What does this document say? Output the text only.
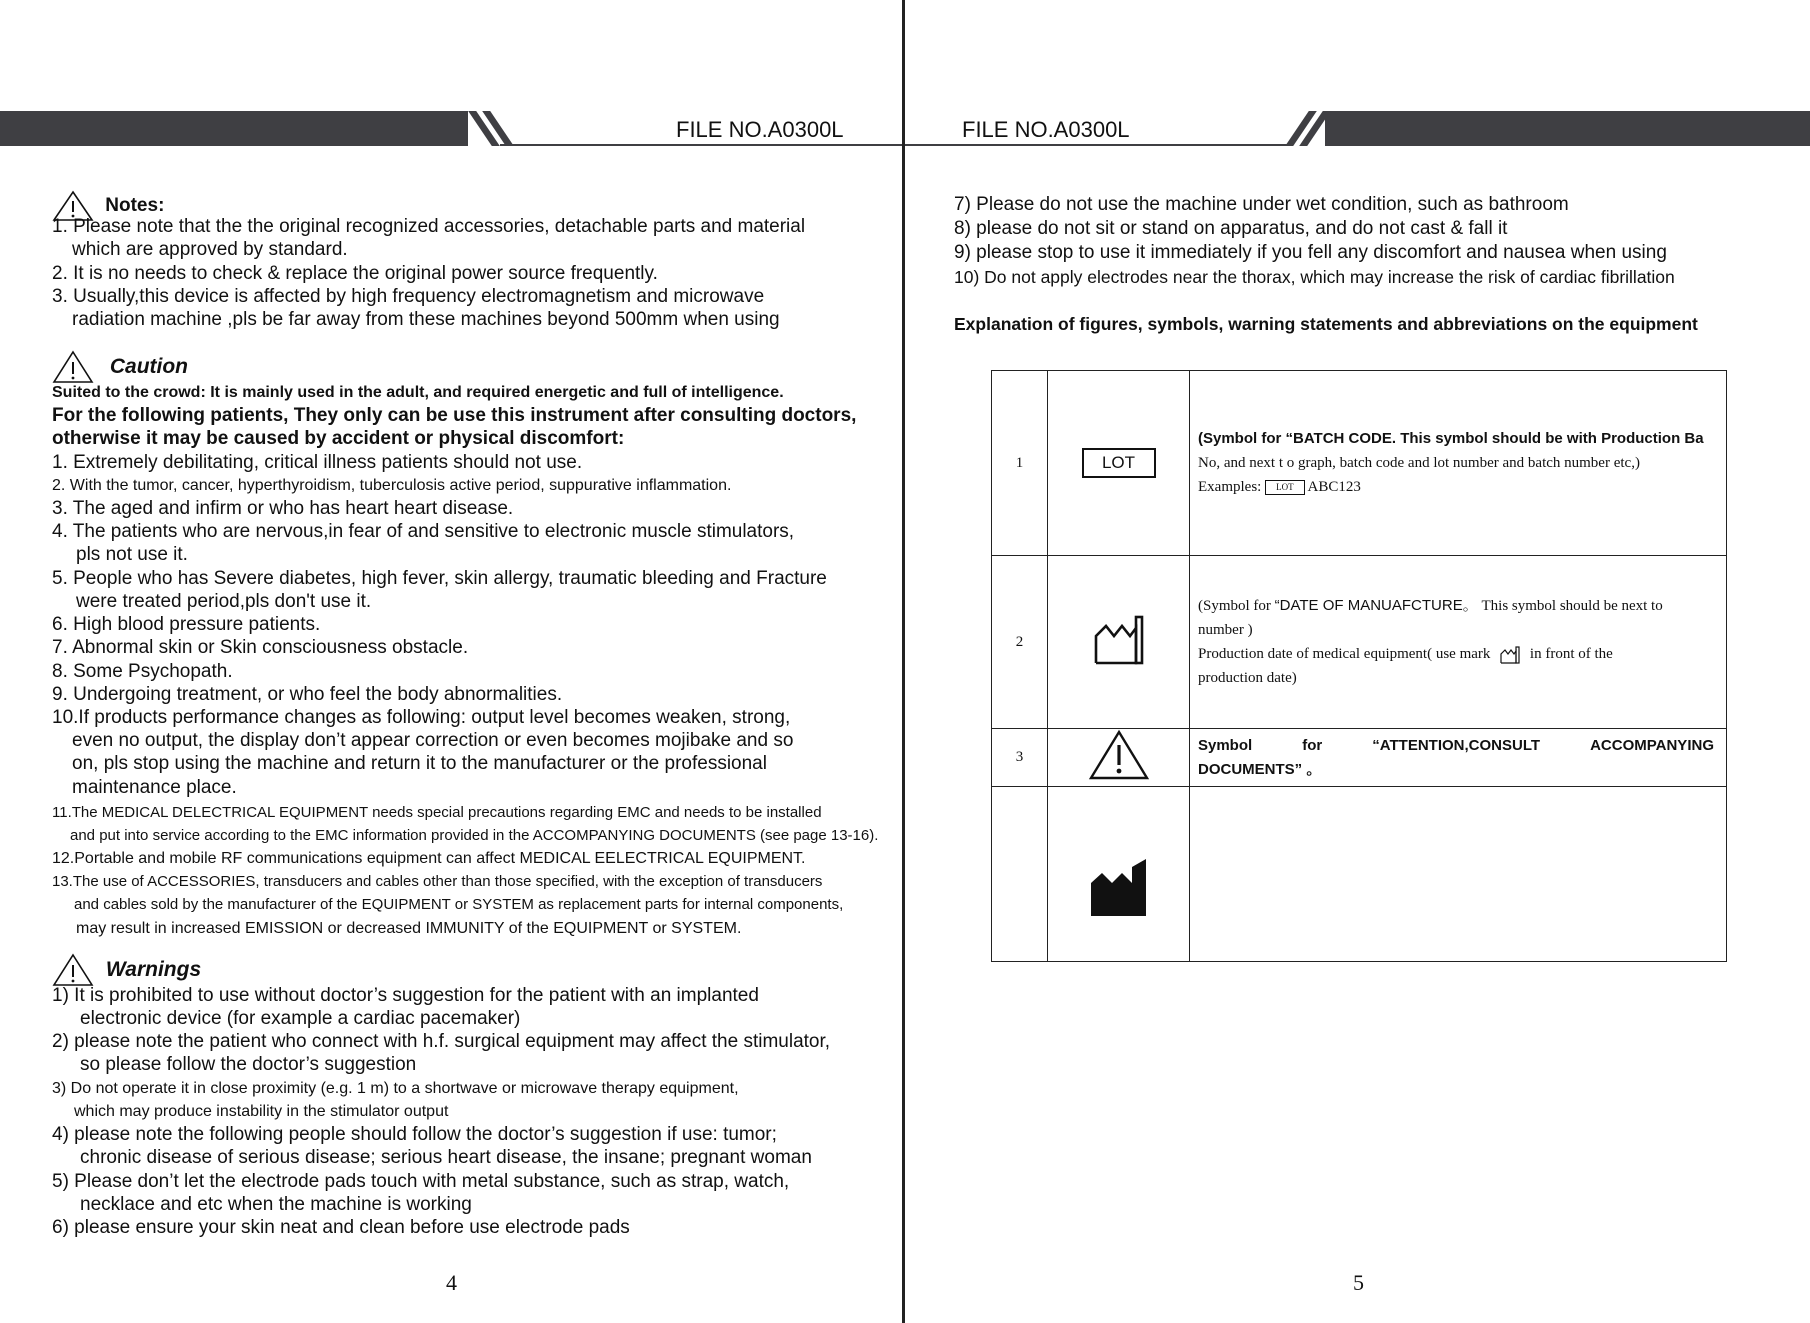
FILE NO.A0300L
Notes:
1. Please note that the the original recognized accessories, detachable parts and material
which are approved by standard.
2. It is no needs to check & replace the original power source frequently.
3. Usually,this device is affected by high frequency electromagnetism and microwave
radiation machine ,pls be far away from these machines beyond 500mm when using
Caution
Suited to the crowd: It is mainly used in the adult, and required energetic and full of intelligence.
For the following patients, They only can be use this instrument after consulting doctors,
otherwise it may be caused by accident or physical discomfort:
1. Extremely debilitating, critical illness patients should not use.
2. With the tumor, cancer, hyperthyroidism, tuberculosis active period, suppurative inflammation.
3. The aged and infirm or who has heart heart disease.
4. The patients who are nervous,in fear of and sensitive to electronic muscle stimulators,
pls not use it.
5. People who has Severe diabetes, high fever, skin allergy, traumatic bleeding and Fracture
were treated period,pls don't use it.
6. High blood pressure patients.
7. Abnormal skin or Skin consciousness obstacle.
8. Some Psychopath.
9. Undergoing treatment, or who feel the body abnormalities.
10.If products performance changes as following: output level becomes weaken, strong,
even no output, the display don’t appear correction or even becomes mojibake and so
on, pls stop using the machine and return it to the manufacturer or the professional
maintenance place.
11.The MEDICAL DELECTRICAL EQUIPMENT needs special precautions regarding EMC and needs to be installed
and put into service according to the EMC information provided in the ACCOMPANYING DOCUMENTS (see page 13-16).
12.Portable and mobile RF communications equipment can affect MEDICAL EELECTRICAL EQUIPMENT.
13.The use of ACCESSORIES, transducers and cables other than those specified, with the exception of transducers
and cables sold by the manufacturer of the EQUIPMENT or SYSTEM as replacement parts for internal components,
may result in increased EMISSION or decreased IMMUNITY of the EQUIPMENT or SYSTEM.
Warnings
1) It is prohibited to use without doctor’s suggestion for the patient with an implanted
electronic device (for example a cardiac pacemaker)
2) please note the patient who connect with h.f. surgical equipment may affect the stimulator,
so please follow the doctor’s suggestion
3) Do not operate it in close proximity (e.g. 1 m) to a shortwave or microwave therapy equipment,
which may produce instability in the stimulator output
4) please note the following people should follow the doctor’s suggestion if use: tumor;
chronic disease of serious disease; serious heart disease, the insane; pregnant woman
5) Please don’t let the electrode pads touch with metal substance, such as strap, watch,
necklace and etc when the machine is working
6) please ensure your skin neat and clean before use electrode pads
4
FILE NO.A0300L
7) Please do not use the machine under wet condition, such as bathroom
8) please do not sit or stand on apparatus, and do not cast & fall it
9) please stop to use it immediately if you fell any discomfort and nausea when using
10) Do not apply electrodes near the thorax, which may increase the risk of cardiac fibrillation
Explanation of figures, symbols, warning statements and abbreviations on the equipment
1	LOT	(Symbol for “BATCH CODE. This symbol should be with Production Ba
No, and next t o graph, batch code and lot number and batch number etc,)
Examples: LOT ABC123

2		(Symbol for “DATE OF MANUAFCTURE。 This symbol should be next to
number )
Production date of medical equipment( use mark in front of the
production date)

3		Symbol for “ATTENTION,CONSULT ACCOMPANYING
DOCUMENTS” 。

5
